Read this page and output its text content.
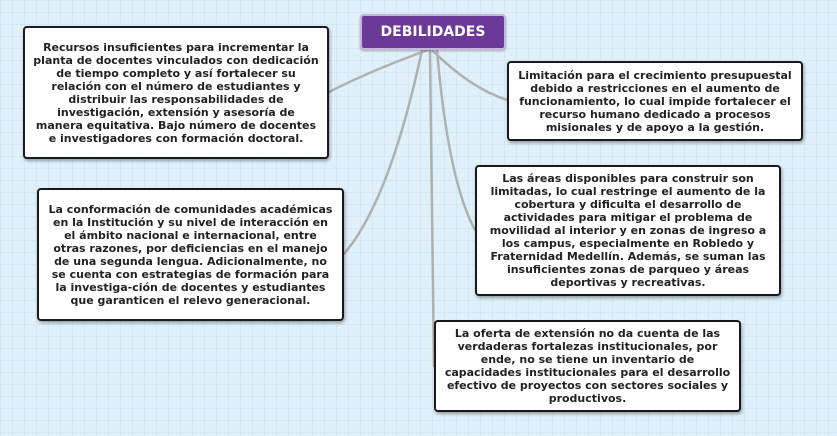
DEBILIDADES
Recursos insuficientes para incrementar la planta de docentes vinculados con dedicación de tiempo completo y así fortalecer su relación con el número de estudiantes y distribuir las responsabilidades de investigación, extensión y asesoría de manera equitativa. Bajo número de docentes e investigadores con formación doctoral.
Limitación para el crecimiento presupuestal debido a restricciones en el aumento de funcionamiento, lo cual impide fortalecer el recurso humano dedicado a procesos misionales y de apoyo a la gestión.
La conformación de comunidades académicas en la Institución y su nivel de interacción en el ámbito nacional e internacional, entre otras razones, por deficiencias en el manejo de una segunda lengua. Adicionalmente, no se cuenta con estrategias de formación para la investiga-ción de docentes y estudiantes que garanticen el relevo generacional.
Las áreas disponibles para construir son limitadas, lo cual restringe el aumento de la cobertura y dificulta el desarrollo de actividades para mitigar el problema de movilidad al interior y en zonas de ingreso a los campus, especialmente en Robledo y Fraternidad Medellín. Además, se suman las insuficientes zonas de parqueo y áreas deportivas y recreativas.
La oferta de extensión no da cuenta de las verdaderas fortalezas institucionales, por ende, no se tiene un inventario de capacidades institucionales para el desarrollo efectivo de proyectos con sectores sociales y productivos.
